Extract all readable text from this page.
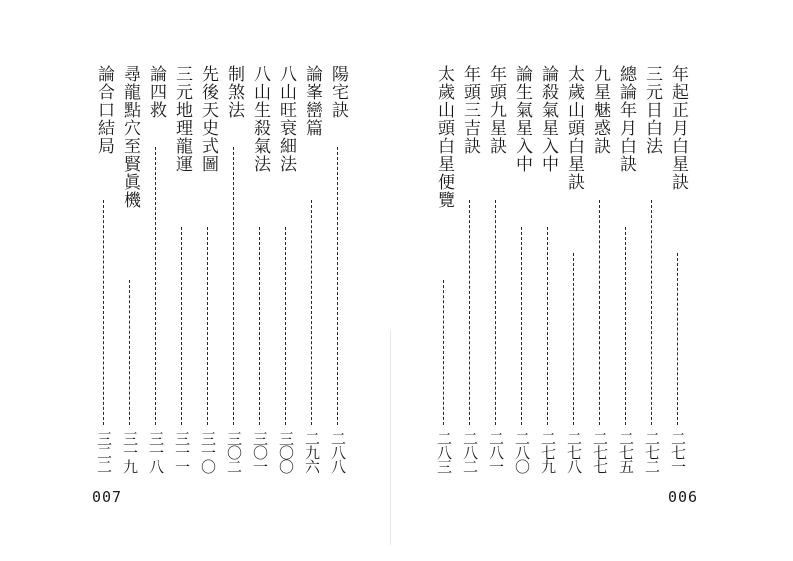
論合口結局
三二二
尋龍點穴至賢眞機
三一九
論四救
三一八
三元地理龍運
三一一
先後天史式圖
三一〇
制煞法
三〇二
八山生殺氣法
三〇一
八山旺衰細法
三〇〇
論峯巒篇
二九六
陽宅訣
二八八
007
太歲山頭白星便覽
二八三
年頭三吉訣
二八二
年頭九星訣
二八一
論生氣星入中
二八〇
論殺氣星入中
二七九
太歲山頭白星訣
二七八
九星魅惑訣
二七七
總論年月白訣
二七五
三元日白法
二七二
年起正月白星訣
二七一
006
